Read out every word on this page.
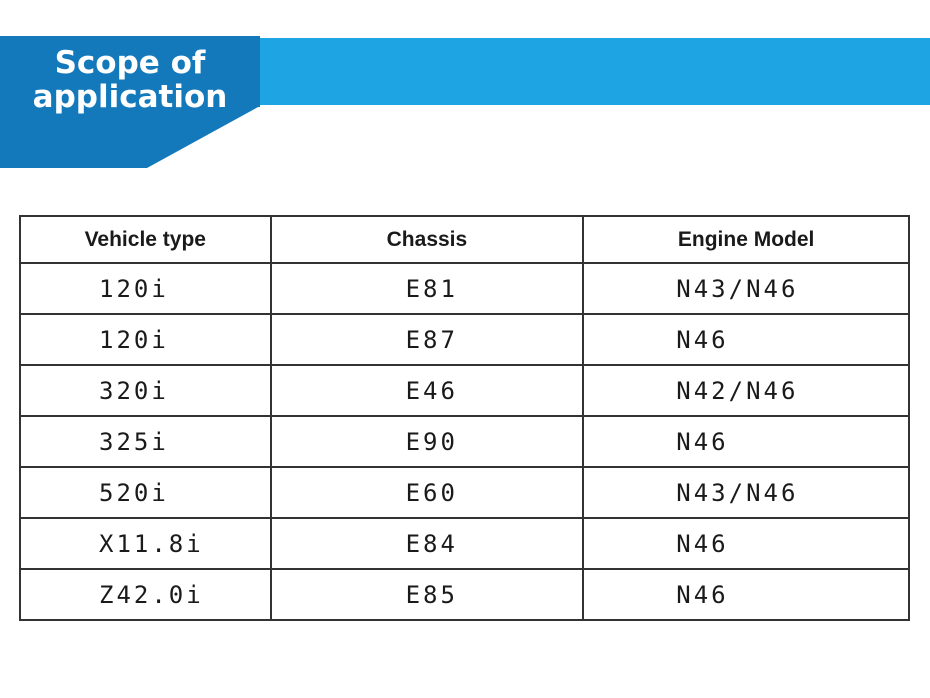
Scope of
application
Vehicle type	Chassis	Engine Model
120i	E81	N43/N46
120i	E87	N46
320i	E46	N42/N46
325i	E90	N46
520i	E60	N43/N46
X11.8i	E84	N46
Z42.0i	E85	N46
